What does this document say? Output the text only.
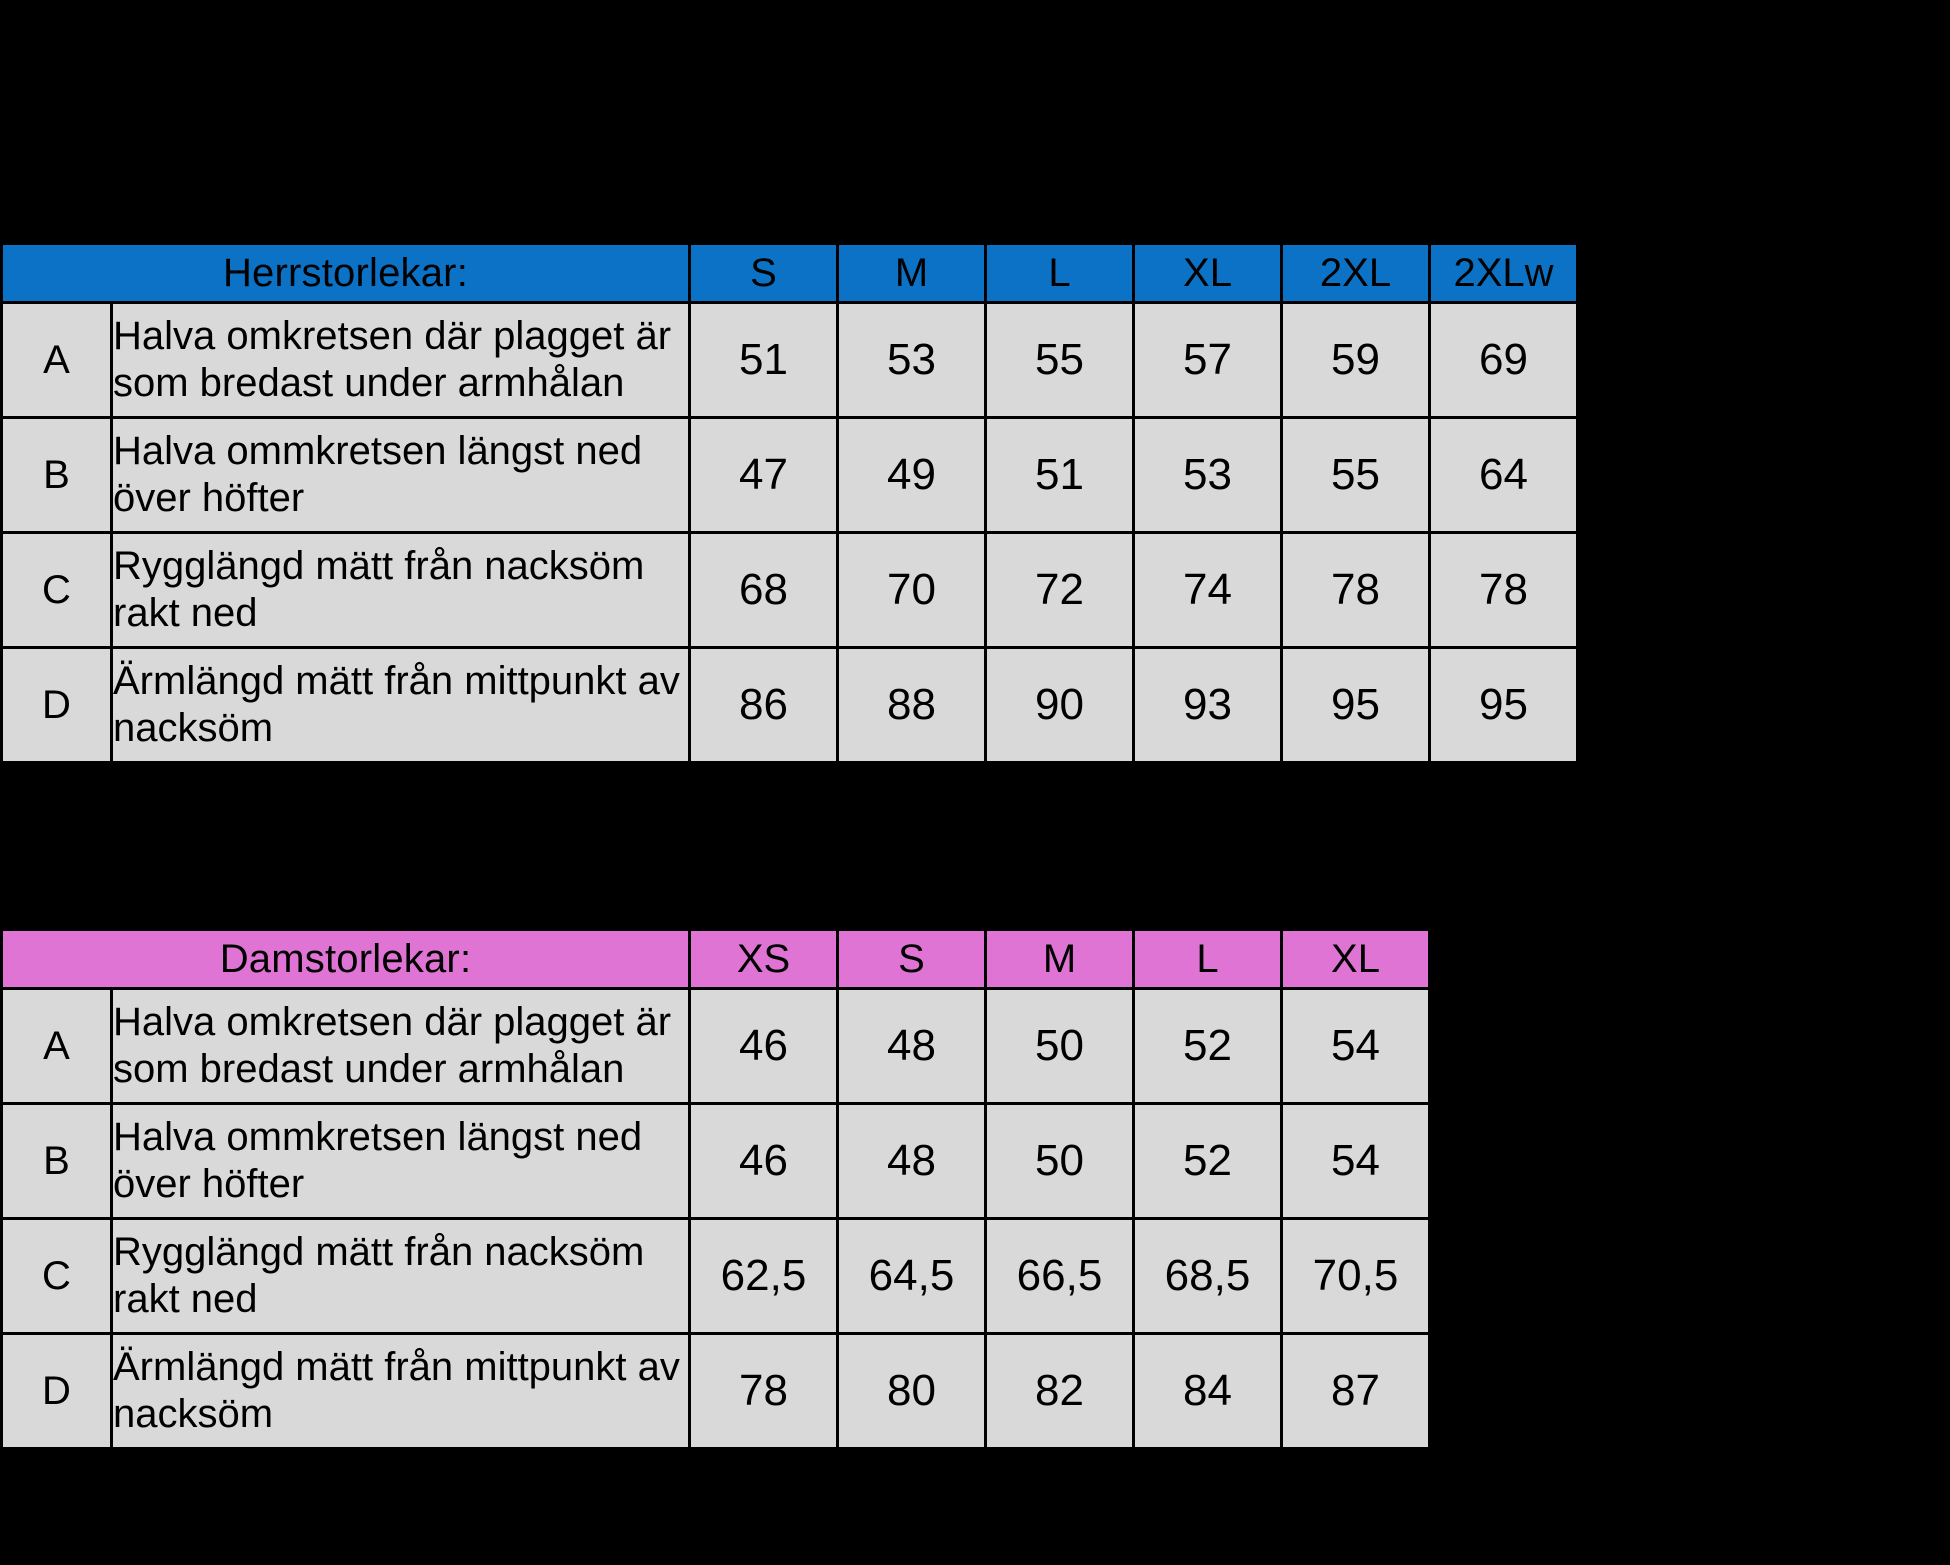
Herrstorlekar:		S	M	L	XL	2XL	2XLw
A	Halva omkretsen där plagget är som bredast under armhålan	51	53	55	57	59	69
B	Halva ommkretsen längst ned över höfter	47	49	51	53	55	64
C	Rygglängd mätt från nacksöm rakt ned	68	70	72	74	78	78
D	Ärmlängd mätt från mittpunkt av nacksöm	86	88	90	93	95	95
Damstorlekar:		XS	S	M	L	XL
A	Halva omkretsen där plagget är som bredast under armhålan	46	48	50	52	54
B	Halva ommkretsen längst ned över höfter	46	48	50	52	54
C	Rygglängd mätt från nacksöm rakt ned	62,5	64,5	66,5	68,5	70,5
D	Ärmlängd mätt från mittpunkt av nacksöm	78	80	82	84	87
